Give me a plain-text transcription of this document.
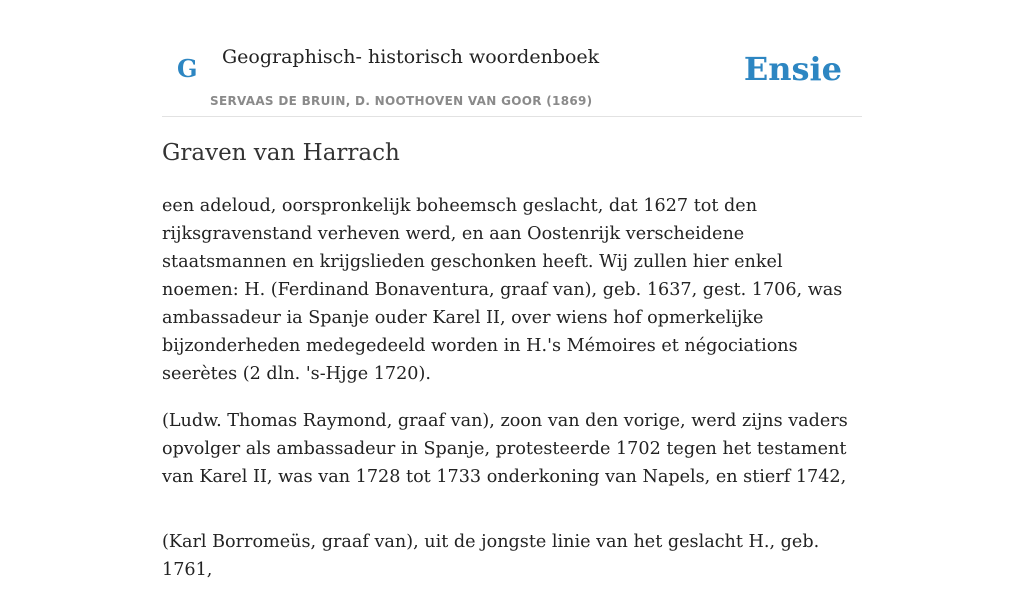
G Geographisch- historisch woordenboek
SERVAAS DE BRUIN, D. NOOTHOVEN VAN GOOR (1869)
Ensie
Graven van Harrach

een adeloud, oorspronkelijk boheemsch geslacht, dat 1627 tot den rijksgravenstand verheven werd, en aan Oostenrijk verscheidene staatsmannen en krijgslieden geschonken heeft. Wij zullen hier enkel noemen: H. (Ferdinand Bonaventura, graaf van), geb. 1637, gest. 1706, was ambassadeur ia Spanje ouder Karel II, over wiens hof opmerkelijke bijzonderheden medegedeeld worden in H.'s Mémoires et négociations seerètes (2 dln. 's-Hjge 1720).

(Ludw. Thomas Raymond, graaf van), zoon van den vorige, werd zijns vaders opvolger als ambassadeur in Spanje, protesteerde 1702 tegen het testament van Karel II, was van 1728 tot 1733 onderkoning van Napels, en stierf 1742,

(Karl Borromeüs, graaf van), uit de jongste linie van het geslacht H., geb. 1761,
